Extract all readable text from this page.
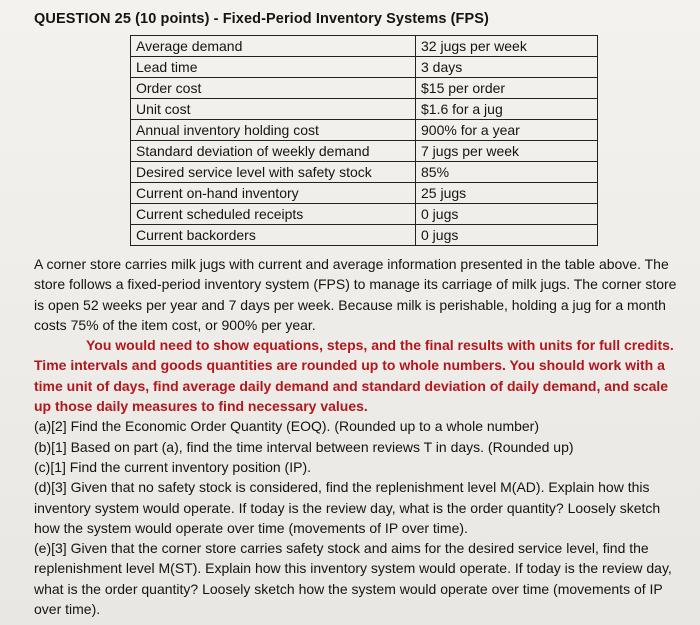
QUESTION 25 (10 points) - Fixed-Period Inventory Systems (FPS)
Average demand	32 jugs per week
Lead time	3 days
Order cost	$15 per order
Unit cost	$1.6 for a jug
Annual inventory holding cost	900% for a year
Standard deviation of weekly demand	7 jugs per week
Desired service level with safety stock	85%
Current on-hand inventory	25 jugs
Current scheduled receipts	0 jugs
Current backorders	0 jugs

A corner store carries milk jugs with current and average information presented in the table above. The store follows a fixed-period inventory system (FPS) to manage its carriage of milk jugs. The corner store is open 52 weeks per year and 7 days per week. Because milk is perishable, holding a jug for a month costs 75% of the item cost, or 900% per year.

You would need to show equations, steps, and the final results with units for full credits. Time intervals and goods quantities are rounded up to whole numbers. You should work with a time unit of days, find average daily demand and standard deviation of daily demand, and scale up those daily measures to find necessary values.

(a)[2] Find the Economic Order Quantity (EOQ). (Rounded up to a whole number)

(b)[1] Based on part (a), find the time interval between reviews T in days. (Rounded up)

(c)[1] Find the current inventory position (IP).

(d)[3] Given that no safety stock is considered, find the replenishment level M(AD). Explain how this inventory system would operate. If today is the review day, what is the order quantity? Loosely sketch how the system would operate over time (movements of IP over time).

(e)[3] Given that the corner store carries safety stock and aims for the desired service level, find the replenishment level M(ST). Explain how this inventory system would operate. If today is the review day, what is the order quantity? Loosely sketch how the system would operate over time (movements of IP over time).
